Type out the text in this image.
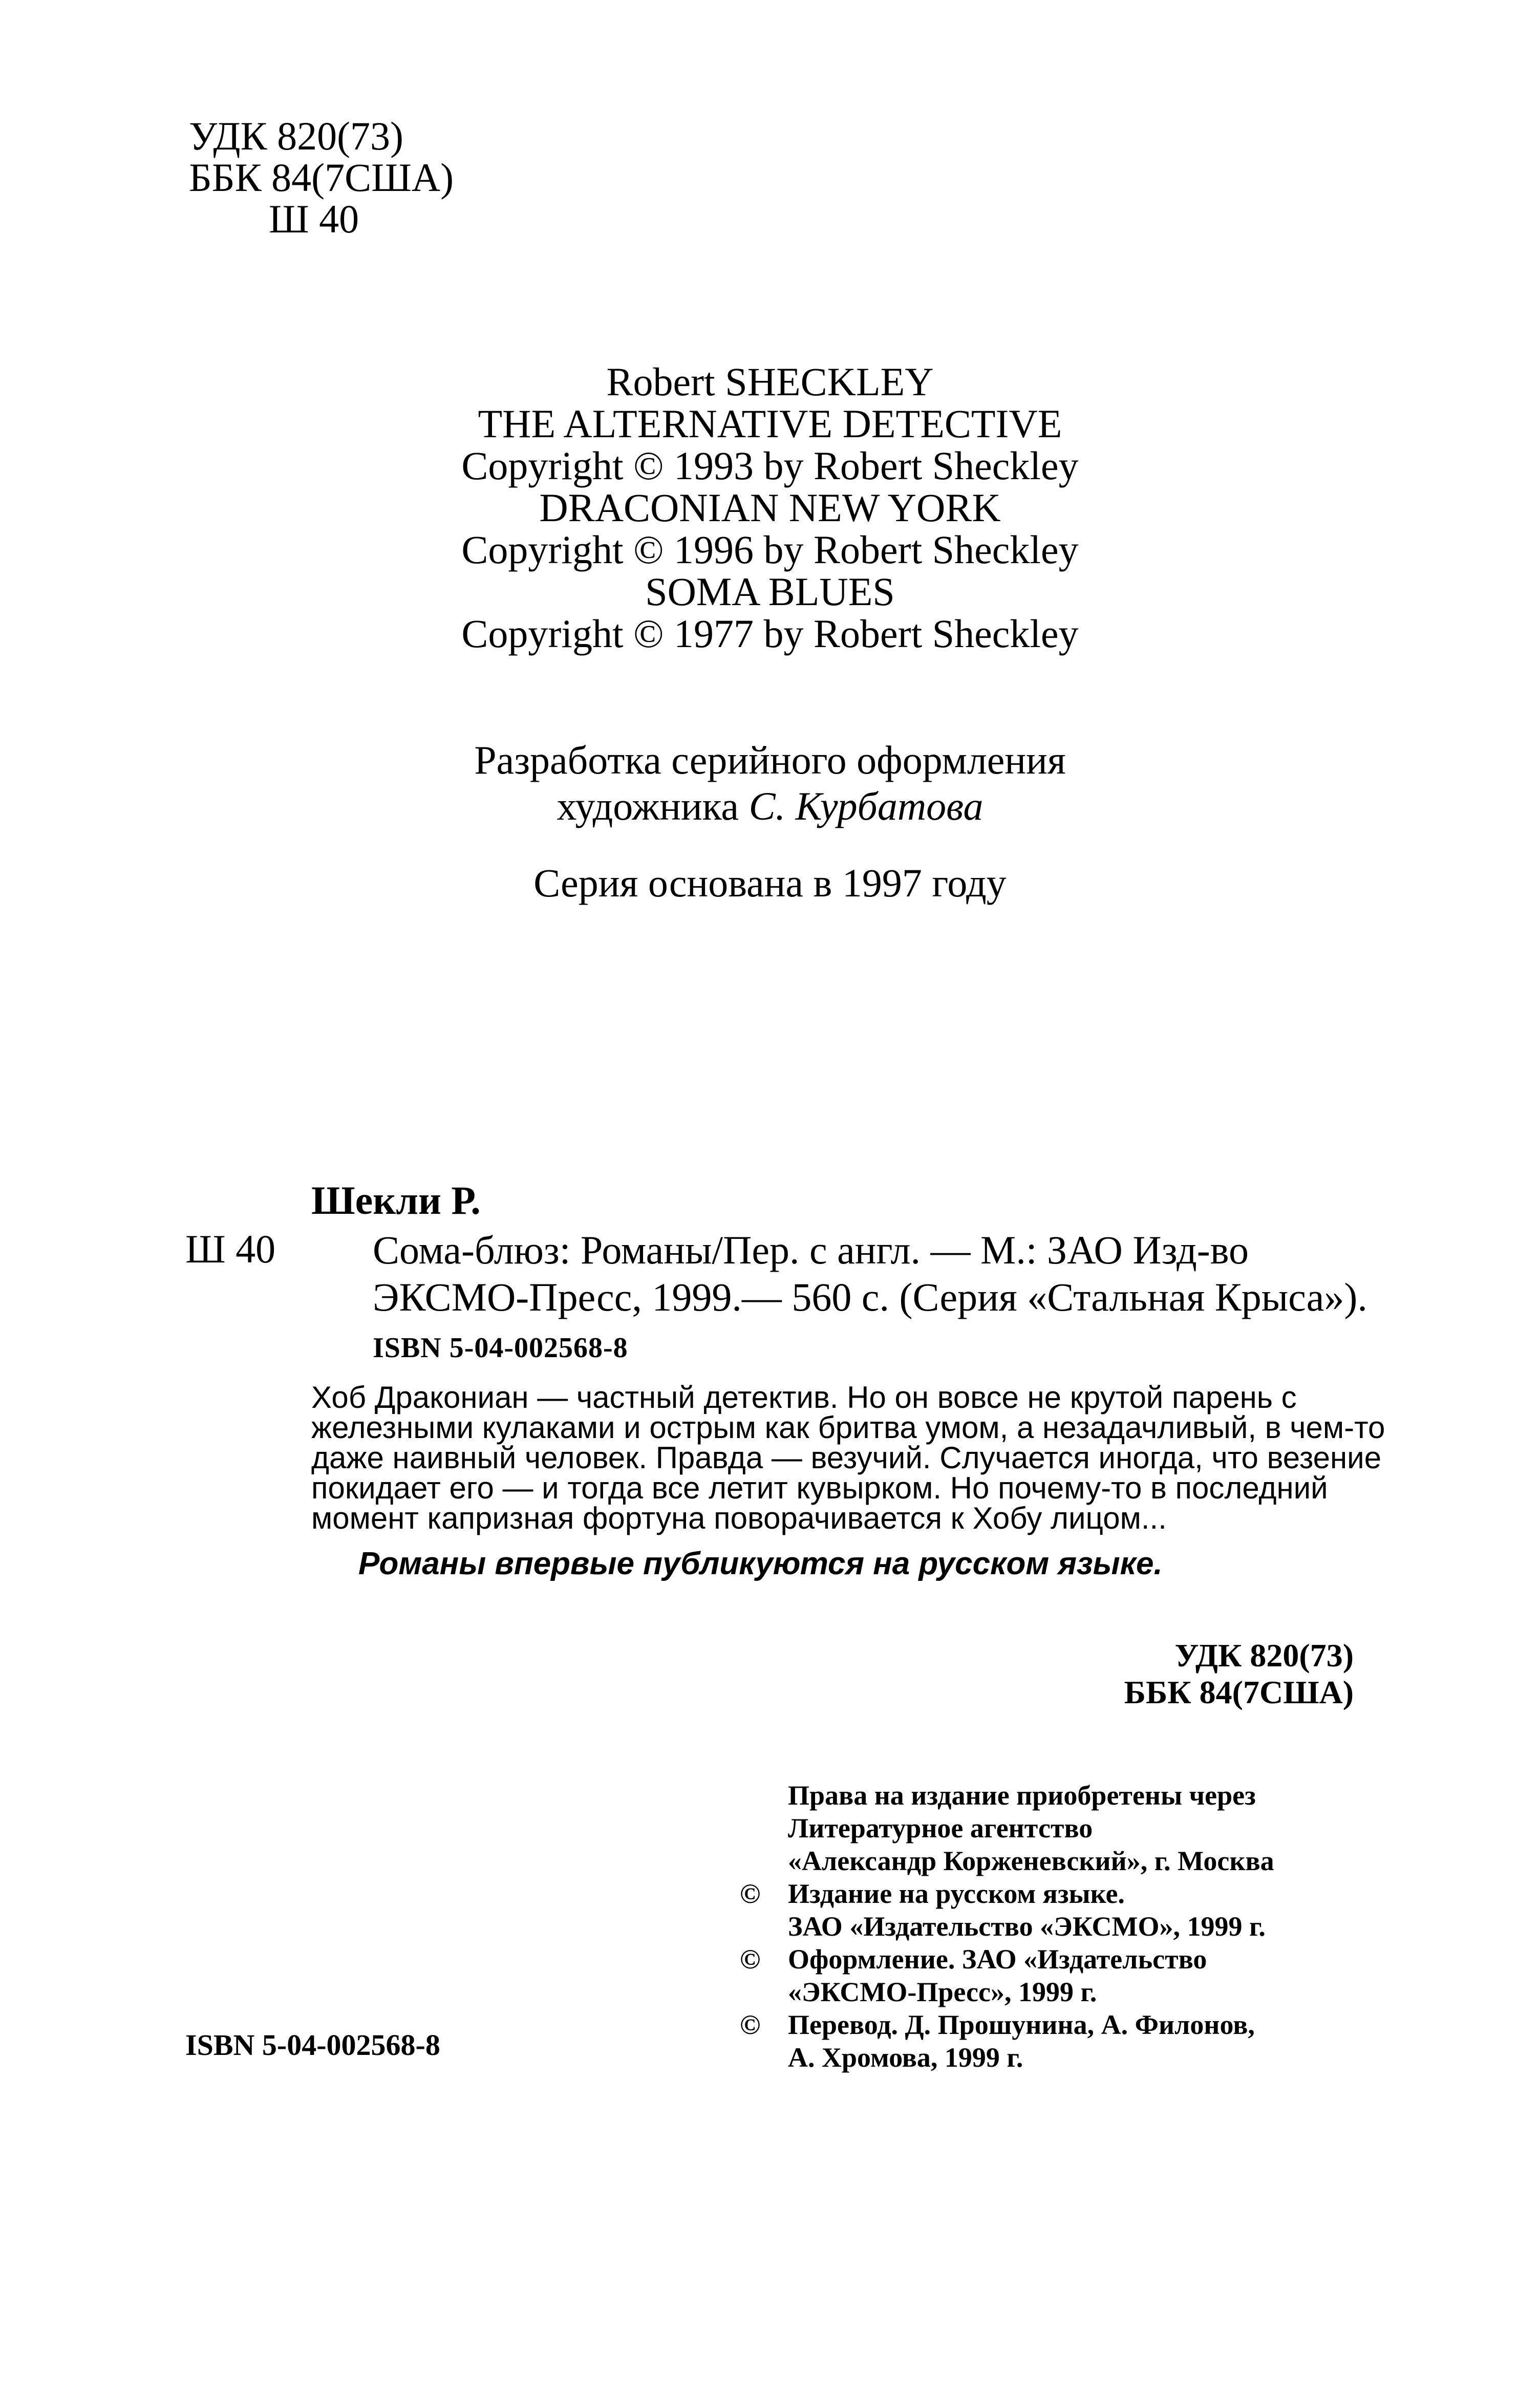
УДК 820(73)
ББК 84(7США)
Ш 40
Robert SHECKLEY
THE ALTERNATIVE DETECTIVE
Copyright © 1993 by Robert Sheckley
DRACONIAN NEW YORK
Copyright © 1996 by Robert Sheckley
SOMA BLUES
Copyright © 1977 by Robert Sheckley
Разработка серийного оформления
художника С. Курбатова
Серия основана в 1997 году
Шекли Р.
Ш 40 Сома-блюз: Романы/Пер. с англ. — М.: ЗАО Изд-во
ЭКСМО-Пресс, 1999.— 560 с. (Серия «Стальная Крыса»).
ISBN 5-04-002568-8
Хоб Дракониан — частный детектив. Но он вовсе не крутой парень с
железными кулаками и острым как бритва умом, а незадачливый, в чем-то
даже наивный человек. Правда — везучий. Случается иногда, что везение
покидает его — и тогда все летит кувырком. Но почему-то в последний
момент капризная фортуна поворачивается к Хобу лицом...
Романы впервые публикуются на русском языке.
УДК 820(73)
ББК 84(7США)
Права на издание приобретены через
Литературное агентство
«Александр Корженевский», г. Москва
© Издание на русском языке.
ЗАО «Издательство «ЭКСМО», 1999 г.
© Оформление. ЗАО «Издательство
«ЭКСМО-Пресс», 1999 г.
© Перевод. Д. Прошунина, А. Филонов,
А. Хромова, 1999 г.
ISBN 5-04-002568-8
